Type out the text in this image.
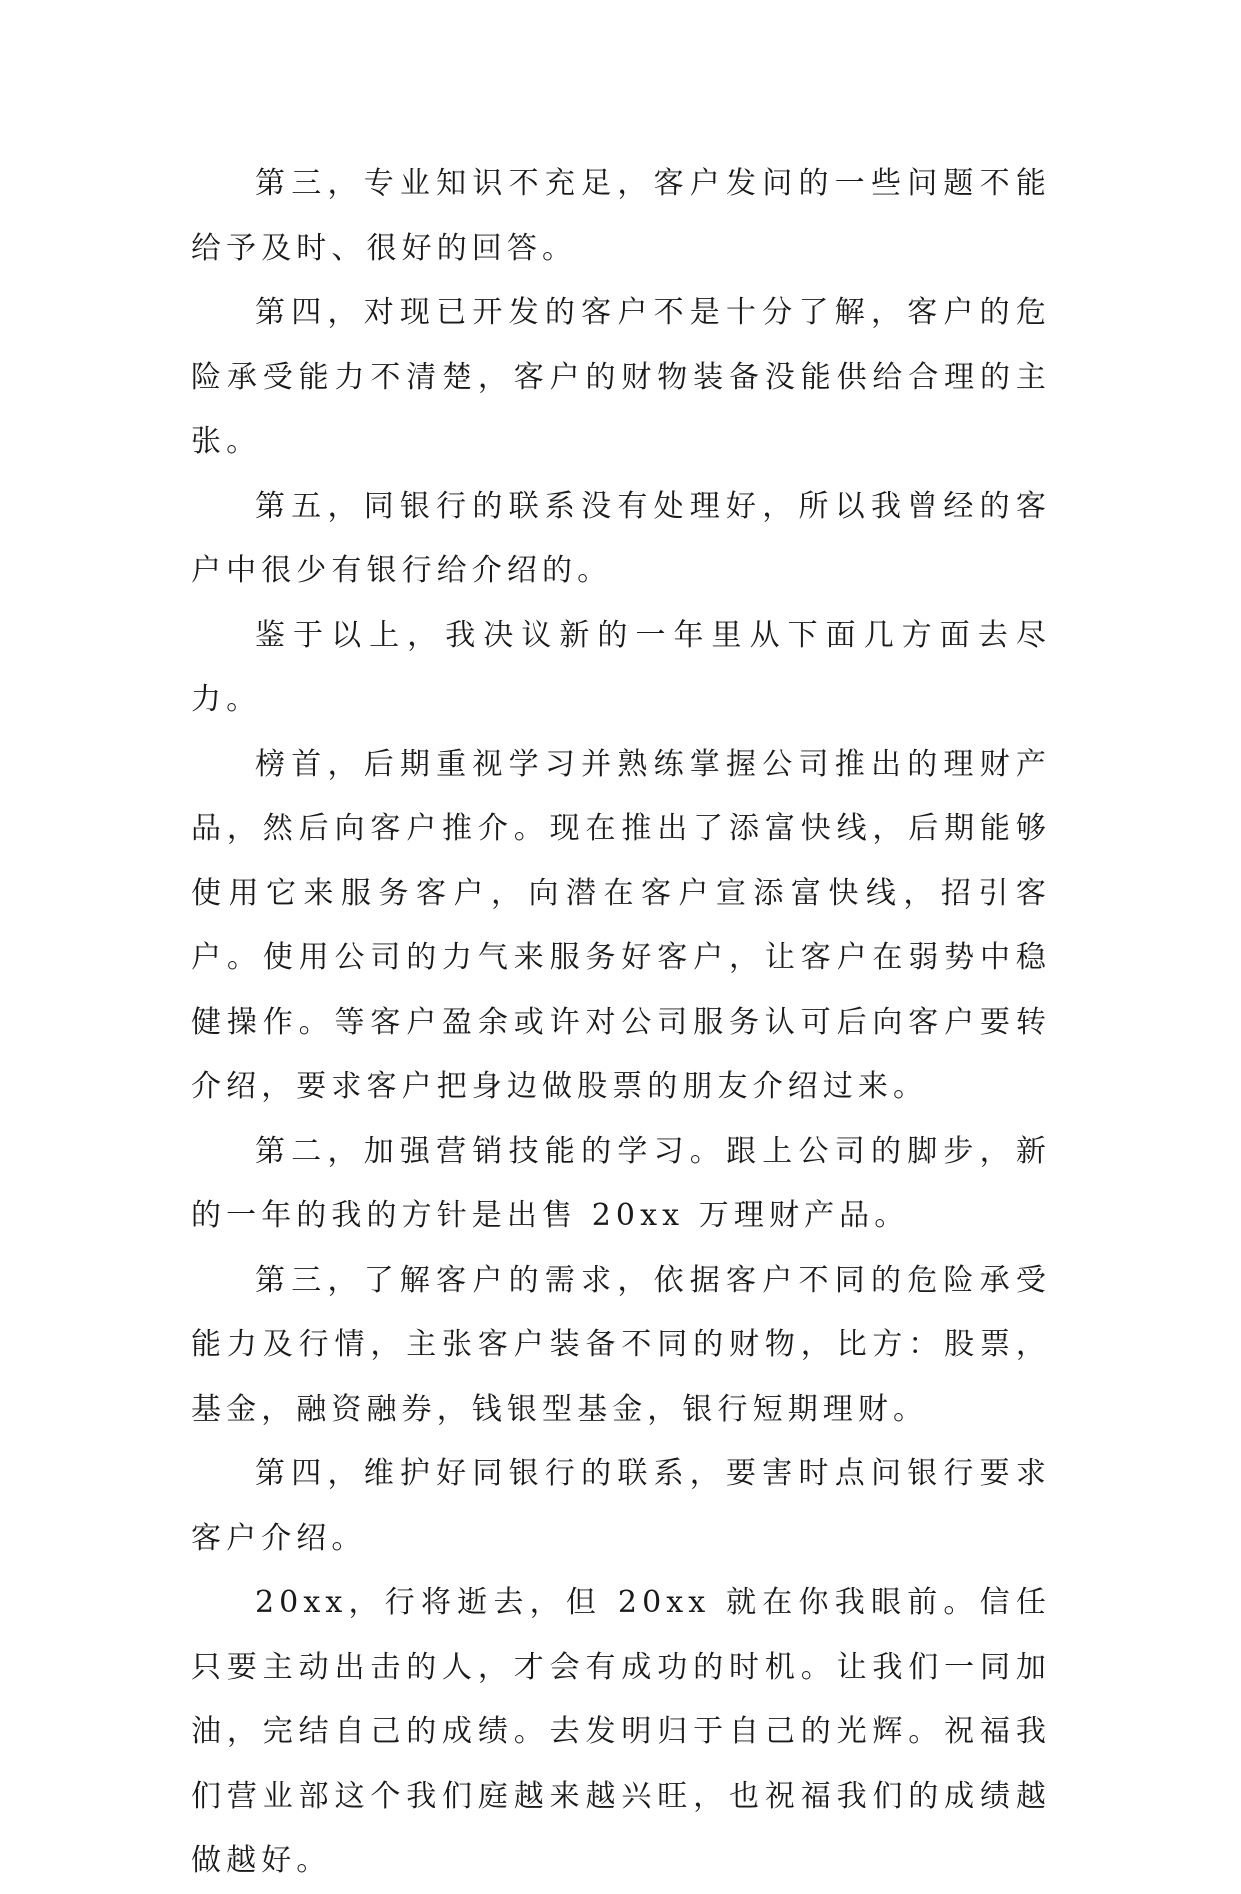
第三，专业知识不充足，客户发问的一些问题不能给予及时、很好的回答。

第四，对现已开发的客户不是十分了解，客户的危险承受能力不清楚，客户的财物装备没能供给合理的主张。

第五，同银行的联系没有处理好，所以我曾经的客户中很少有银行给介绍的。

鉴于以上，我决议新的一年里从下面几方面去尽力。

榜首，后期重视学习并熟练掌握公司推出的理财产品，然后向客户推介。现在推出了添富快线，后期能够使用它来服务客户，向潜在客户宣添富快线，招引客户。使用公司的力气来服务好客户，让客户在弱势中稳健操作。等客户盈余或许对公司服务认可后向客户要转介绍，要求客户把身边做股票的朋友介绍过来。

第二，加强营销技能的学习。跟上公司的脚步，新的一年的我的方针是出售 20xx 万理财产品。

第三，了解客户的需求，依据客户不同的危险承受能力及行情，主张客户装备不同的财物，比方：股票，基金，融资融券，钱银型基金，银行短期理财。

第四，维护好同银行的联系，要害时点问银行要求客户介绍。

20xx，行将逝去，但 20xx 就在你我眼前。信任只要主动出击的人，才会有成功的时机。让我们一同加油，完结自己的成绩。去发明归于自己的光辉。祝福我们营业部这个我们庭越来越兴旺，也祝福我们的成绩越做越好。
